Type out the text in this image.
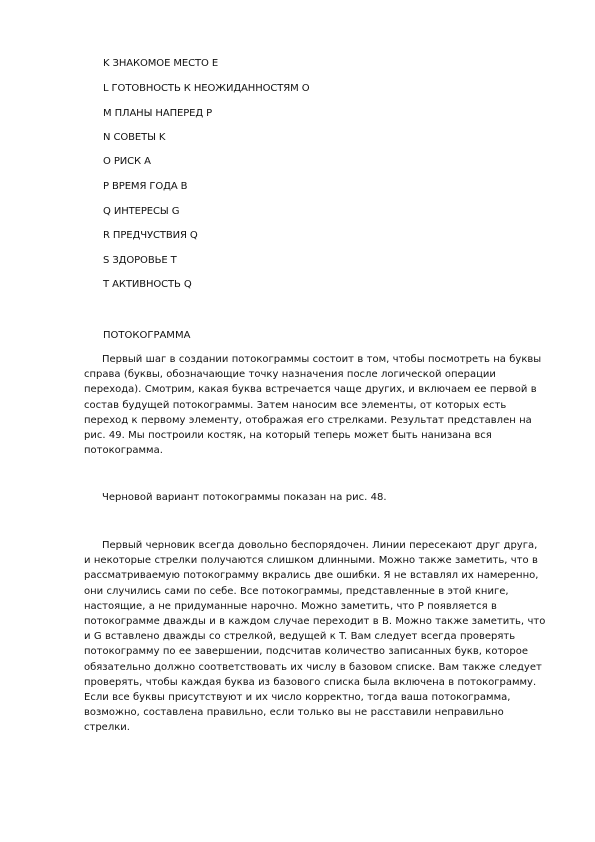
K ЗНАКОМОЕ МЕСТО E
L ГОТОВНОСТЬ К НЕОЖИДАННОСТЯМ O
M ПЛАНЫ НАПЕРЕД P
N СОВЕТЫ K
O РИСК A
P ВРЕМЯ ГОДА B
Q ИНТЕРЕСЫ G
R ПРЕДЧУСТВИЯ Q
S ЗДОРОВЬЕ T
T АКТИВНОСТЬ Q
ПОТОКОГРАММА

Первый шаг в создании потокограммы состоит в том, чтобы посмотреть на буквы справа (буквы, обозначающие точку назначения после логической операции перехода). Смотрим, какая буква встречается чаще других, и включаем ее первой в состав будущей потокограммы. Затем наносим все элементы, от которых есть переход к первому элементу, отображая его стрелками. Результат представлен на рис. 49. Мы построили костяк, на который теперь может быть нанизана вся потокограмма.

Черновой вариант потокограммы показан на рис. 48.

Первый черновик всегда довольно беспорядочен. Линии пересекают друг друга, и некоторые стрелки получаются слишком длинными. Можно также заметить, что в рассматриваемую потокограмму вкрались две ошибки. Я не вставлял их намеренно, они случились сами по себе. Все потокограммы, представленные в этой книге, настоящие, а не придуманные нарочно. Можно заметить, что P появляется в потокограмме дважды и в каждом случае переходит в B. Можно также заметить, что и G вставлено дважды со стрелкой, ведущей к T. Вам следует всегда проверять потокограмму по ее завершении, подсчитав количество записанных букв, которое обязательно должно соответствовать их числу в базовом списке. Вам также следует проверять, чтобы каждая буква из базового списка была включена в потокограмму. Если все буквы присутствуют и их число корректно, тогда ваша потокограмма, возможно, составлена правильно, если только вы не расставили неправильно стрелки.
